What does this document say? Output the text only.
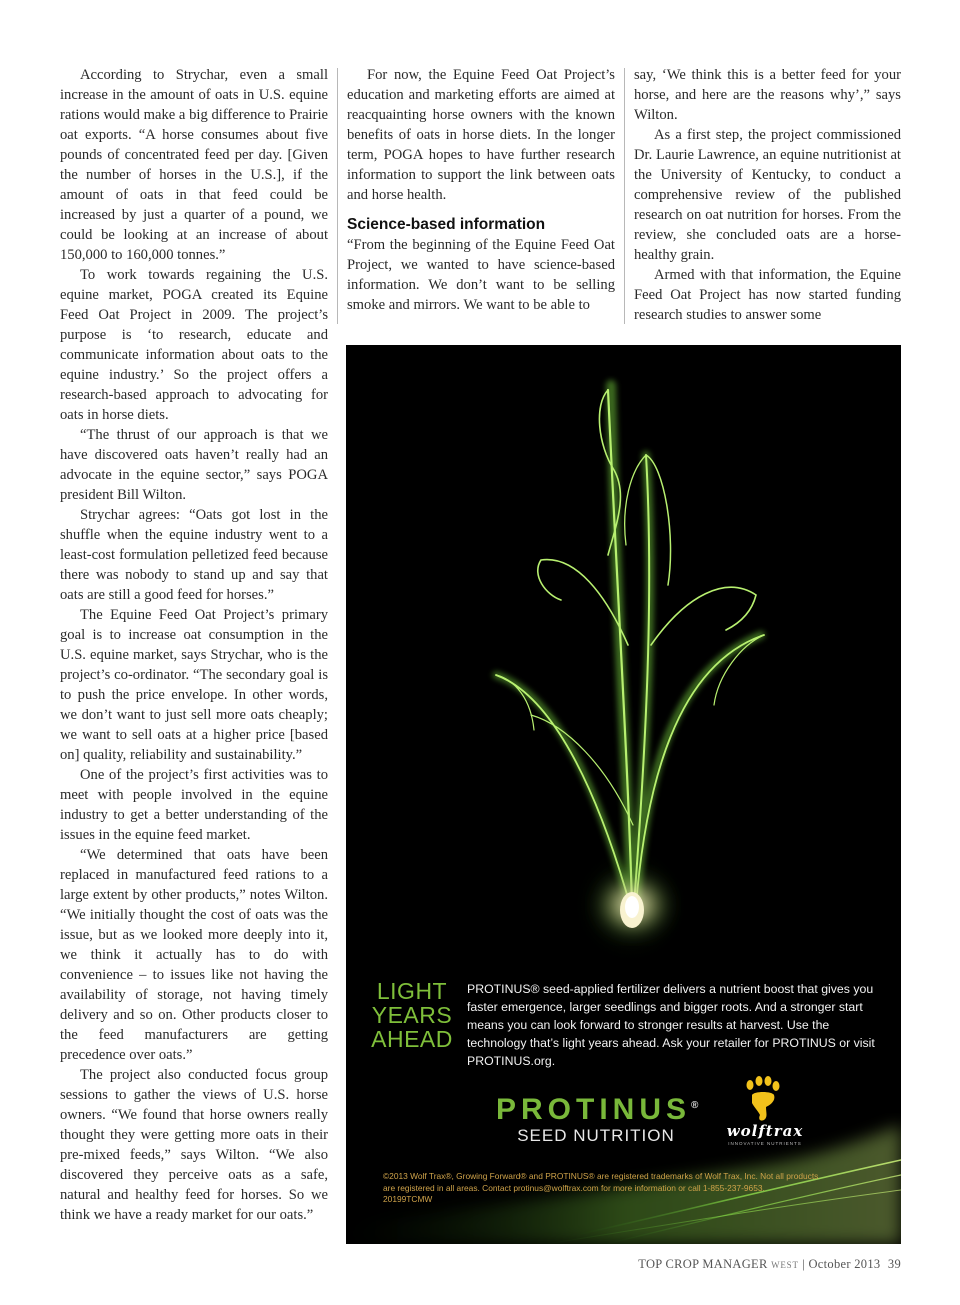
According to Strychar, even a small increase in the amount of oats in U.S. equine rations would make a big difference to Prairie oat exports. “A horse consumes about five pounds of concentrated feed per day. [Given the number of horses in the U.S.], if the amount of oats in that feed could be increased by just a quarter of a pound, we could be looking at an increase of about 150,000 to 160,000 tonnes.”

To work towards regaining the U.S. equine market, POGA created its Equine Feed Oat Project in 2009. The project’s purpose is ‘to research, educate and communicate information about oats to the equine industry.’ So the project offers a research-based approach to advocating for oats in horse diets.

“The thrust of our approach is that we have discovered oats haven’t really had an advocate in the equine sector,” says POGA president Bill Wilton.

Strychar agrees: “Oats got lost in the shuffle when the equine industry went to a least-cost formulation pelletized feed because there was nobody to stand up and say that oats are still a good feed for horses.”

The Equine Feed Oat Project’s primary goal is to increase oat consumption in the U.S. equine market, says Strychar, who is the project’s co-ordinator. “The secondary goal is to push the price envelope. In other words, we don’t want to just sell more oats cheaply; we want to sell oats at a higher price [based on] quality, reliability and sustainability.”

One of the project’s first activities was to meet with people involved in the equine industry to get a better understanding of the issues in the equine feed market.

“We determined that oats have been replaced in manufactured feed rations to a large extent by other products,” notes Wilton. “We initially thought the cost of oats was the issue, but as we looked more deeply into it, we think it actually has to do with convenience – to issues like not having the availability of storage, not having timely delivery and so on. Other products closer to the feed manufacturers are getting precedence over oats.”

The project also conducted focus group sessions to gather the views of U.S. horse owners. “We found that horse owners really thought they were getting more oats in their pre-mixed feeds,” says Wilton. “We also discovered they perceive oats as a safe, natural and healthy feed for horses. So we think we have a ready market for our oats.”

For now, the Equine Feed Oat Project’s education and marketing efforts are aimed at reacquainting horse owners with the known benefits of oats in horse diets. In the longer term, POGA hopes to have further research information to support the link between oats and horse health.

Science-based information

“From the beginning of the Equine Feed Oat Project, we wanted to have science-based information. We don’t want to be selling smoke and mirrors. We want to be able to

say, ‘We think this is a better feed for your horse, and here are the reasons why’,” says Wilton.

As a first step, the project commissioned Dr. Laurie Lawrence, an equine nutritionist at the University of Kentucky, to conduct a comprehensive review of the published research on oat nutrition for horses. From the review, she concluded oats are a horse-healthy grain.

Armed with that information, the Equine Feed Oat Project has now started funding research studies to answer some

LIGHT
YEARS
AHEAD
PROTINUS® seed-applied fertilizer delivers a nutrient boost that gives you faster emergence, larger seedlings and bigger roots. And a stronger start means you can look forward to stronger results at harvest. Use the technology that’s light years ahead. Ask your retailer for PROTINUS or visit PROTINUS.org.
PROTINUS®
SEED NUTRITION	wolftrax
INNOVATIVE NUTRIENTS
©2013 Wolf Trax®, Growing Forward® and PROTINUS® are registered trademarks of Wolf Trax, Inc. Not all products are registered in all areas. Contact protinus@wolftrax.com for more information or call 1-855-237-9653.
20199TCMW
TOP CROP MANAGER WEST | October 2013 39
